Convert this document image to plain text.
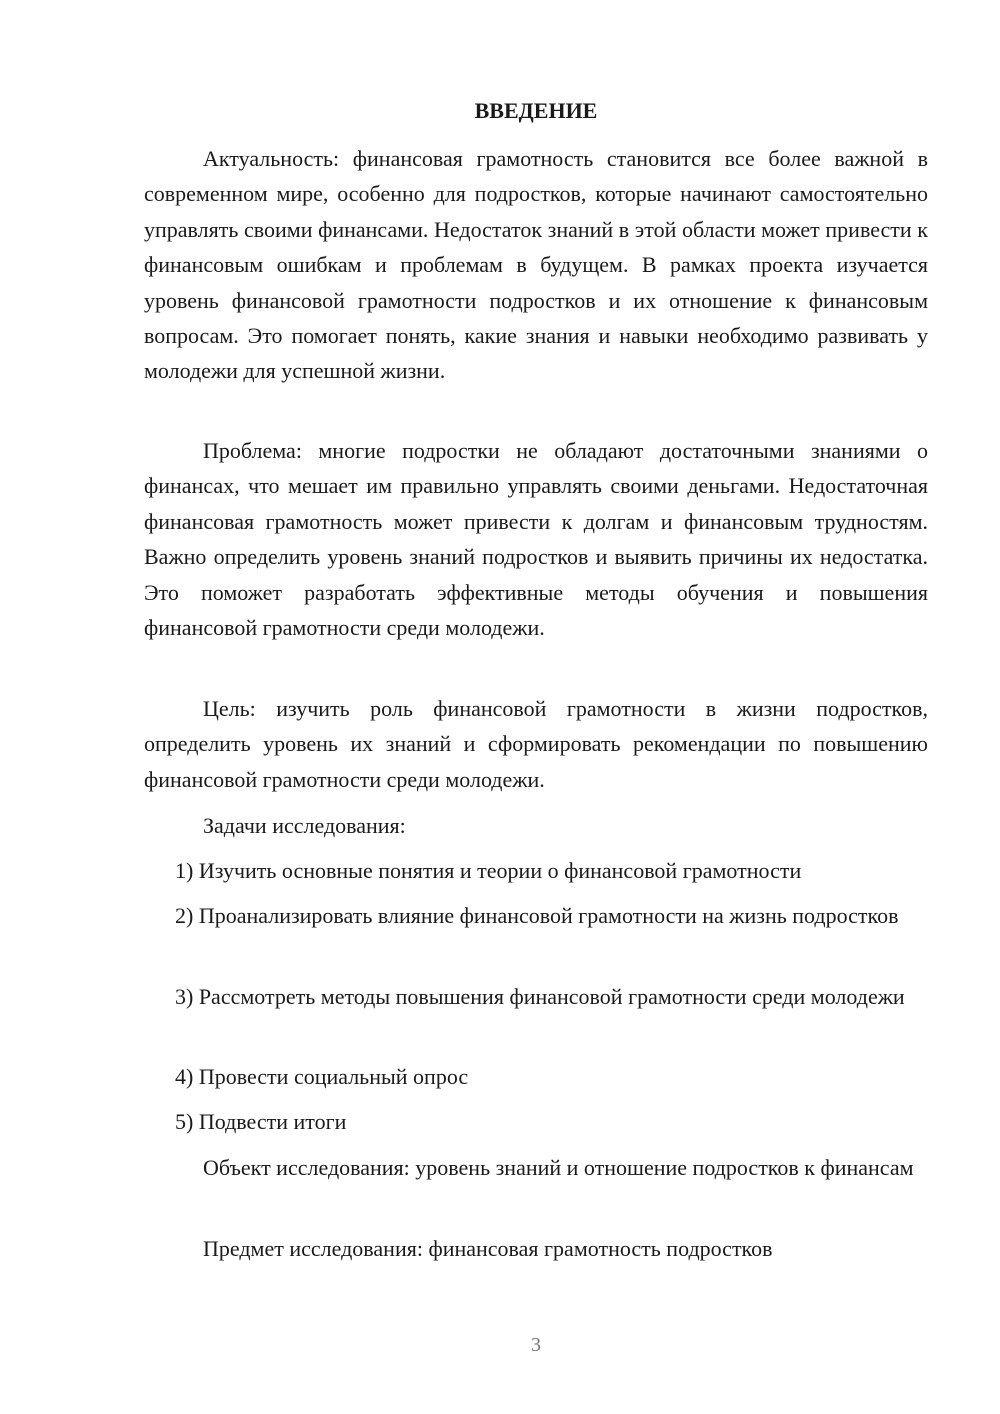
ВВЕДЕНИЕ

Актуальность: финансовая грамотность становится все более важной в современном мире, особенно для подростков, которые начинают самостоятельно управлять своими финансами. Недостаток знаний в этой области может привести к финансовым ошибкам и проблемам в будущем. В рамках проекта изучается уровень финансовой грамотности подростков и их отношение к финансовым вопросам. Это помогает понять, какие знания и навыки необходимо развивать у молодежи для успешной жизни.

Проблема: многие подростки не обладают достаточными знаниями о финансах, что мешает им правильно управлять своими деньгами. Недостаточная финансовая грамотность может привести к долгам и финансовым трудностям. Важно определить уровень знаний подростков и выявить причины их недостатка. Это поможет разработать эффективные методы обучения и повышения финансовой грамотности среди молодежи.

Цель: изучить роль финансовой грамотности в жизни подростков, определить уровень их знаний и сформировать рекомендации по повышению финансовой грамотности среди молодежи.

Задачи исследования:

1) Изучить основные понятия и теории о финансовой грамотности

2) Проанализировать влияние финансовой грамотности на жизнь подростков

3) Рассмотреть методы повышения финансовой грамотности среди молодежи

4) Провести социальный опрос

5) Подвести итоги

Объект исследования: уровень знаний и отношение подростков к финансам

Предмет исследования: финансовая грамотность подростков

3
